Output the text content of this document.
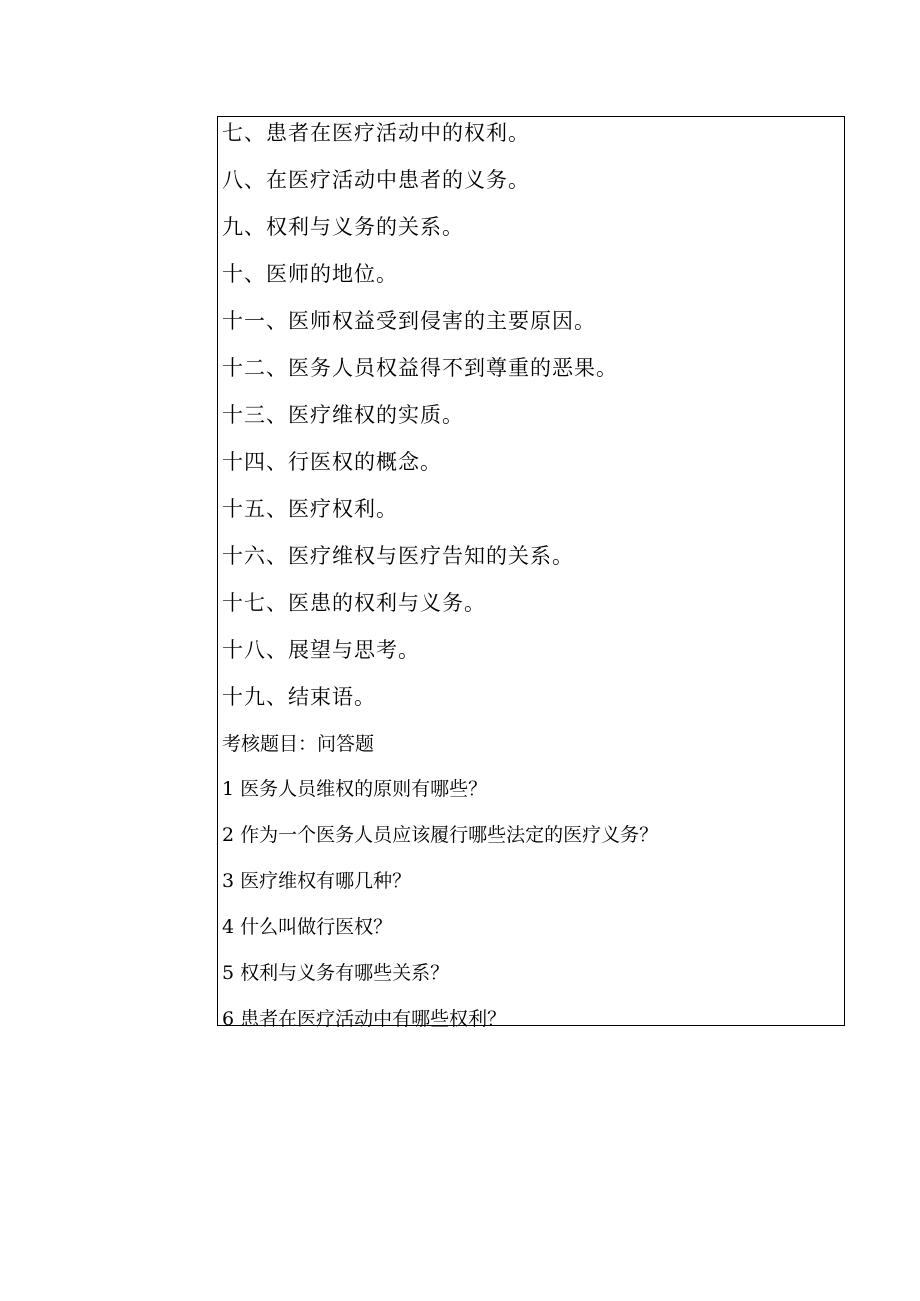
七、患者在医疗活动中的权利。
八、在医疗活动中患者的义务。
九、权利与义务的关系。
十、医师的地位。
十一、医师权益受到侵害的主要原因。
十二、医务人员权益得不到尊重的恶果。
十三、医疗维权的实质。
十四、行医权的概念。
十五、医疗权利。
十六、医疗维权与医疗告知的关系。
十七、医患的权利与义务。
十八、展望与思考。
十九、结束语。
考核题目：问答题
1 医务人员维权的原则有哪些？
2 作为一个医务人员应该履行哪些法定的医疗义务？
3 医疗维权有哪几种？
4 什么叫做行医权？
5 权利与义务有哪些关系？
6 患者在医疗活动中有哪些权利？
